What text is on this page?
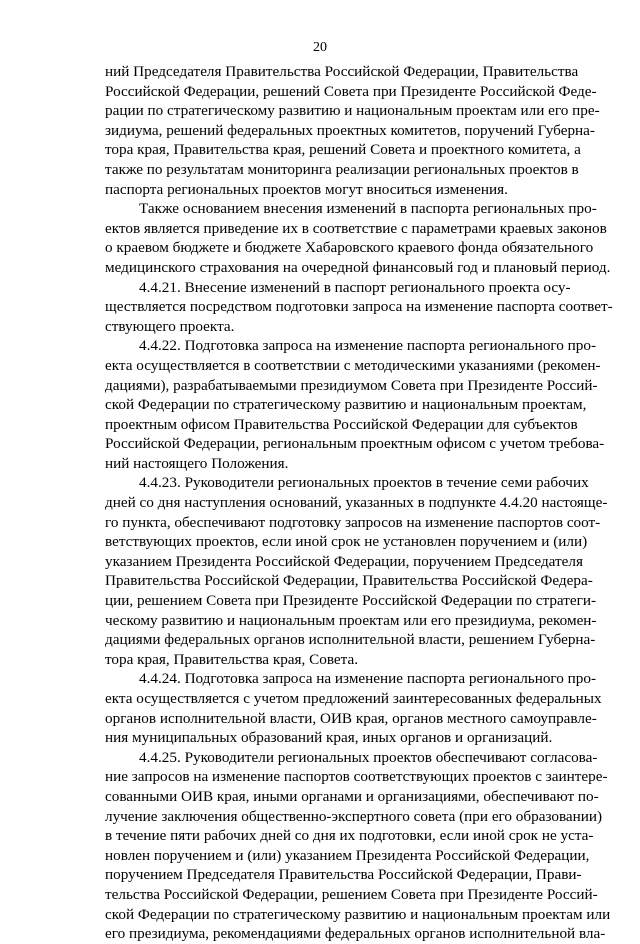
20
ний Председателя Правительства Российской Федерации, Правительства
Российской Федерации, решений Совета при Президенте Российской Феде-
рации по стратегическому развитию и национальным проектам или его пре-
зидиума, решений федеральных проектных комитетов, поручений Губерна-
тора края, Правительства края, решений Совета и проектного комитета, а
также по результатам мониторинга реализации региональных проектов в
паспорта региональных проектов могут вноситься изменения.
Также основанием внесения изменений в паспорта региональных про-
ектов является приведение их в соответствие с параметрами краевых законов
о краевом бюджете и бюджете Хабаровского краевого фонда обязательного
медицинского страхования на очередной финансовый год и плановый период.
4.4.21. Внесение изменений в паспорт регионального проекта осу-
ществляется посредством подготовки запроса на изменение паспорта соответ-
ствующего проекта.
4.4.22. Подготовка запроса на изменение паспорта регионального про-
екта осуществляется в соответствии с методическими указаниями (рекомен-
дациями), разрабатываемыми президиумом Совета при Президенте Россий-
ской Федерации по стратегическому развитию и национальным проектам,
проектным офисом Правительства Российской Федерации для субъектов
Российской Федерации, региональным проектным офисом с учетом требова-
ний настоящего Положения.
4.4.23. Руководители региональных проектов в течение семи рабочих
дней со дня наступления оснований, указанных в подпункте 4.4.20 настояще-
го пункта, обеспечивают подготовку запросов на изменение паспортов соот-
ветствующих проектов, если иной срок не установлен поручением и (или)
указанием Президента Российской Федерации, поручением Председателя
Правительства Российской Федерации, Правительства Российской Федера-
ции, решением Совета при Президенте Российской Федерации по стратеги-
ческому развитию и национальным проектам или его президиума, рекомен-
дациями федеральных органов исполнительной власти, решением Губерна-
тора края, Правительства края, Совета.
4.4.24. Подготовка запроса на изменение паспорта регионального про-
екта осуществляется с учетом предложений заинтересованных федеральных
органов исполнительной власти, ОИВ края, органов местного самоуправле-
ния муниципальных образований края, иных органов и организаций.
4.4.25. Руководители региональных проектов обеспечивают согласова-
ние запросов на изменение паспортов соответствующих проектов с заинтере-
сованными ОИВ края, иными органами и организациями, обеспечивают по-
лучение заключения общественно-экспертного совета (при его образовании)
в течение пяти рабочих дней со дня их подготовки, если иной срок не уста-
новлен поручением и (или) указанием Президента Российской Федерации,
поручением Председателя Правительства Российской Федерации, Прави-
тельства Российской Федерации, решением Совета при Президенте Россий-
ской Федерации по стратегическому развитию и национальным проектам или
его президиума, рекомендациями федеральных органов исполнительной вла-
